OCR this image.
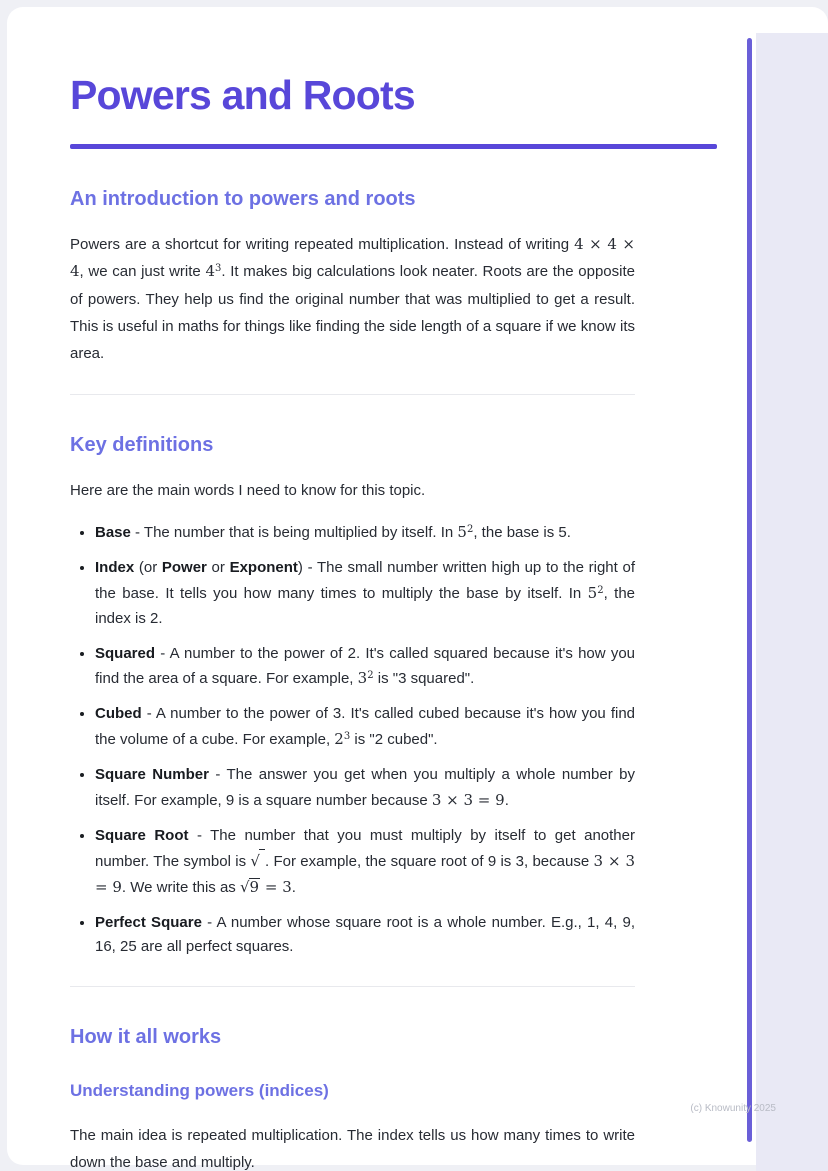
Powers and Roots
An introduction to powers and roots

Powers are a shortcut for writing repeated multiplication. Instead of writing 4 × 4 × 4, we can just write $4^3$. It makes big calculations look neater. Roots are the opposite of powers. They help us find the original number that was multiplied to get a result. This is useful in maths for things like finding the side length of a square if we know its area.

Key definitions

Here are the main words I need to know for this topic.

• Base - The number that is being multiplied by itself. In $5^2$, the base is 5.
• Index (or Power or Exponent) - The small number written high up to the right of the base. It tells you how many times to multiply the base by itself. In $5^2$, the index is 2.
• Squared - A number to the power of 2. It's called squared because it's how you find the area of a square. For example, $3^2$ is "3 squared".
• Cubed - A number to the power of 3. It's called cubed because it's how you find the volume of a cube. For example, $2^3$ is "2 cubed".
• Square Number - The answer you get when you multiply a whole number by itself. For example, 9 is a square number because 3 × 3 = 9.
• Square Root - The number that you must multiply by itself to get another number. The symbol is √ . For example, the square root of 9 is 3, because 3 × 3 = 9. We write this as √9 = 3.
• Perfect Square - A number whose square root is a whole number. E.g., 1, 4, 9, 16, 25 are all perfect squares.
How it all works
Understanding powers (indices)

The main idea is repeated multiplication. The index tells us how many times to write down the base and multiply.

(c) Knowunity 2025
